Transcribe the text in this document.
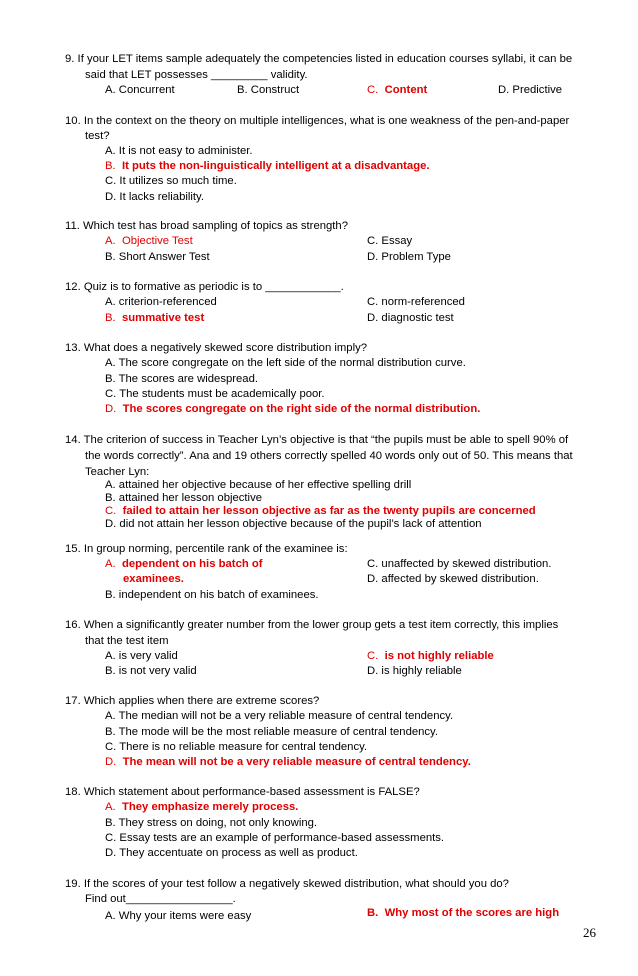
9. If your LET items sample adequately the competencies listed in education courses syllabi, it can be
said that LET possesses _________ validity.
A. Concurrent	B. Construct	C. Content	D. Predictive
10. In the context on the theory on multiple intelligences, what is one weakness of the pen-and-paper
test?
A. It is not easy to administer.
B. It puts the non-linguistically intelligent at a disadvantage.
C. It utilizes so much time.
D. It lacks reliability.
11. Which test has broad sampling of topics as strength?
A. Objective Test	C. Essay
B. Short Answer Test	D. Problem Type
12. Quiz is to formative as periodic is to ____________.
A. criterion-referenced	C. norm-referenced
B. summative test	D. diagnostic test
13. What does a negatively skewed score distribution imply?
A. The score congregate on the left side of the normal distribution curve.
B. The scores are widespread.
C. The students must be academically poor.
D. The scores congregate on the right side of the normal distribution.
14. The criterion of success in Teacher Lyn’s objective is that “the pupils must be able to spell 90% of
the words correctly”. Ana and 19 others correctly spelled 40 words only out of 50. This means that
Teacher Lyn:
A. attained her objective because of her effective spelling drill
B. attained her lesson objective
C. failed to attain her lesson objective as far as the twenty pupils are concerned
D. did not attain her lesson objective because of the pupil’s lack of attention
15. In group norming, percentile rank of the examinee is:
A. dependent on his batch of
examinees.
C. unaffected by skewed distribution.
D. affected by skewed distribution.
B. independent on his batch of examinees.
16. When a significantly greater number from the lower group gets a test item correctly, this implies
that the test item
A. is very valid	C. is not highly reliable
B. is not very valid	D. is highly reliable
17. Which applies when there are extreme scores?
A. The median will not be a very reliable measure of central tendency.
B. The mode will be the most reliable measure of central tendency.
C. There is no reliable measure for central tendency.
D. The mean will not be a very reliable measure of central tendency.
18. Which statement about performance-based assessment is FALSE?
A. They emphasize merely process.
B. They stress on doing, not only knowing.
C. Essay tests are an example of performance-based assessments.
D. They accentuate on process as well as product.
19. If the scores of your test follow a negatively skewed distribution, what should you do?
Find out_________________.
A. Why your items were easy	B. Why most of the scores are high
26
